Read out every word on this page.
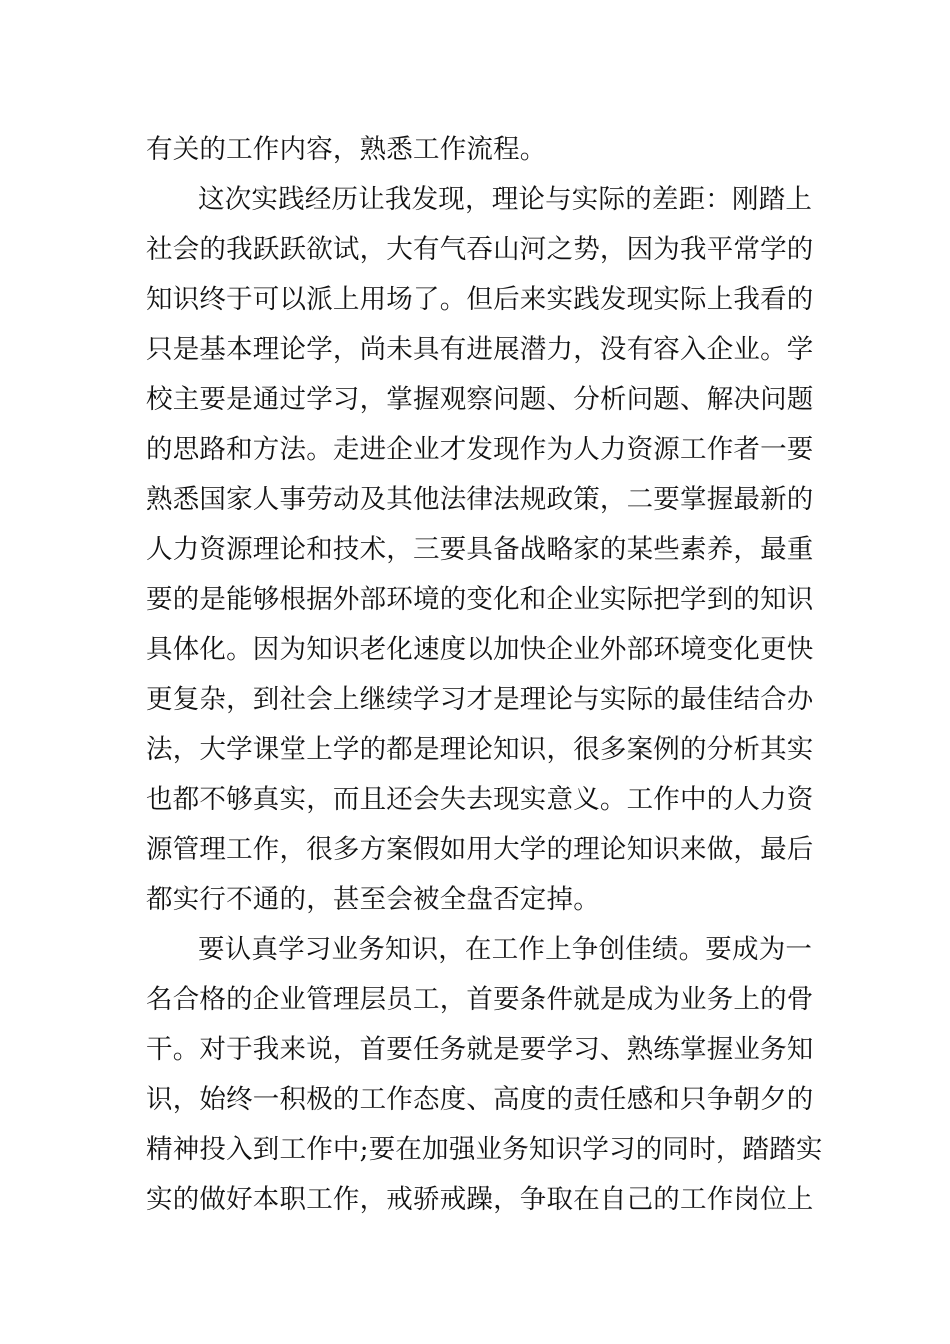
有关的工作内容，熟悉工作流程。
这次实践经历让我发现，理论与实际的差距：刚踏上
社会的我跃跃欲试，大有气吞山河之势，因为我平常学的
知识终于可以派上用场了。但后来实践发现实际上我看的
只是基本理论学，尚未具有进展潜力，没有容入企业。学
校主要是通过学习，掌握观察问题、分析问题、解决问题
的思路和方法。走进企业才发现作为人力资源工作者一要
熟悉国家人事劳动及其他法律法规政策，二要掌握最新的
人力资源理论和技术，三要具备战略家的某些素养，最重
要的是能够根据外部环境的变化和企业实际把学到的知识
具体化。因为知识老化速度以加快企业外部环境变化更快
更复杂，到社会上继续学习才是理论与实际的最佳结合办
法，大学课堂上学的都是理论知识，很多案例的分析其实
也都不够真实，而且还会失去现实意义。工作中的人力资
源管理工作，很多方案假如用大学的理论知识来做，最后
都实行不通的，甚至会被全盘否定掉。
要认真学习业务知识，在工作上争创佳绩。要成为一
名合格的企业管理层员工，首要条件就是成为业务上的骨
干。对于我来说，首要任务就是要学习、熟练掌握业务知
识，始终一积极的工作态度、高度的责任感和只争朝夕的
精神投入到工作中;要在加强业务知识学习的同时，踏踏实
实的做好本职工作，戒骄戒躁，争取在自己的工作岗位上
